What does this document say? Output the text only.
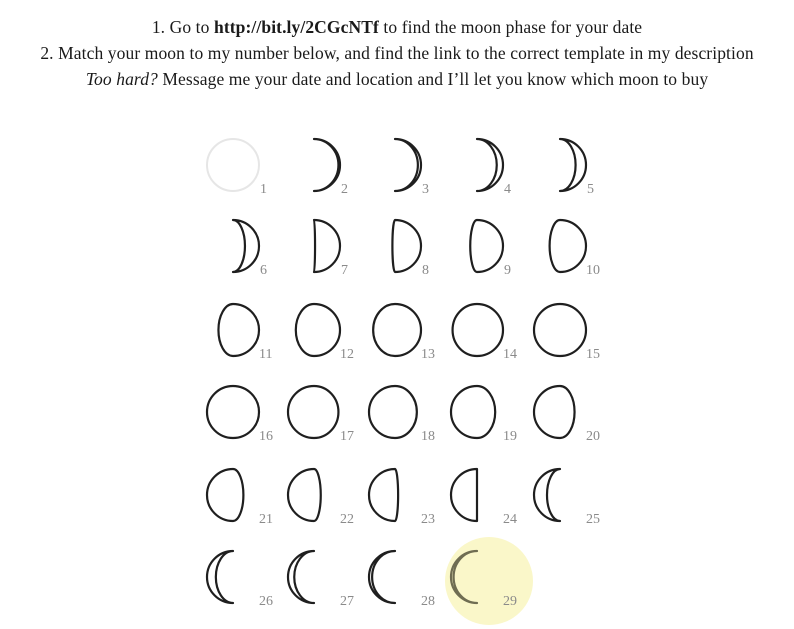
1. Go to http://bit.ly/2CGcNTf to find the moon phase for your date
2. Match your moon to my number below, and find the link to the correct template in my description
Too hard? Message me your date and location and I’ll let you know which moon to buy
1	2	3	4	5
6	7	8	9	10
11	12	13	14	15
16	17	18	19	20
21	22	23	24	25
26	27	28	29
